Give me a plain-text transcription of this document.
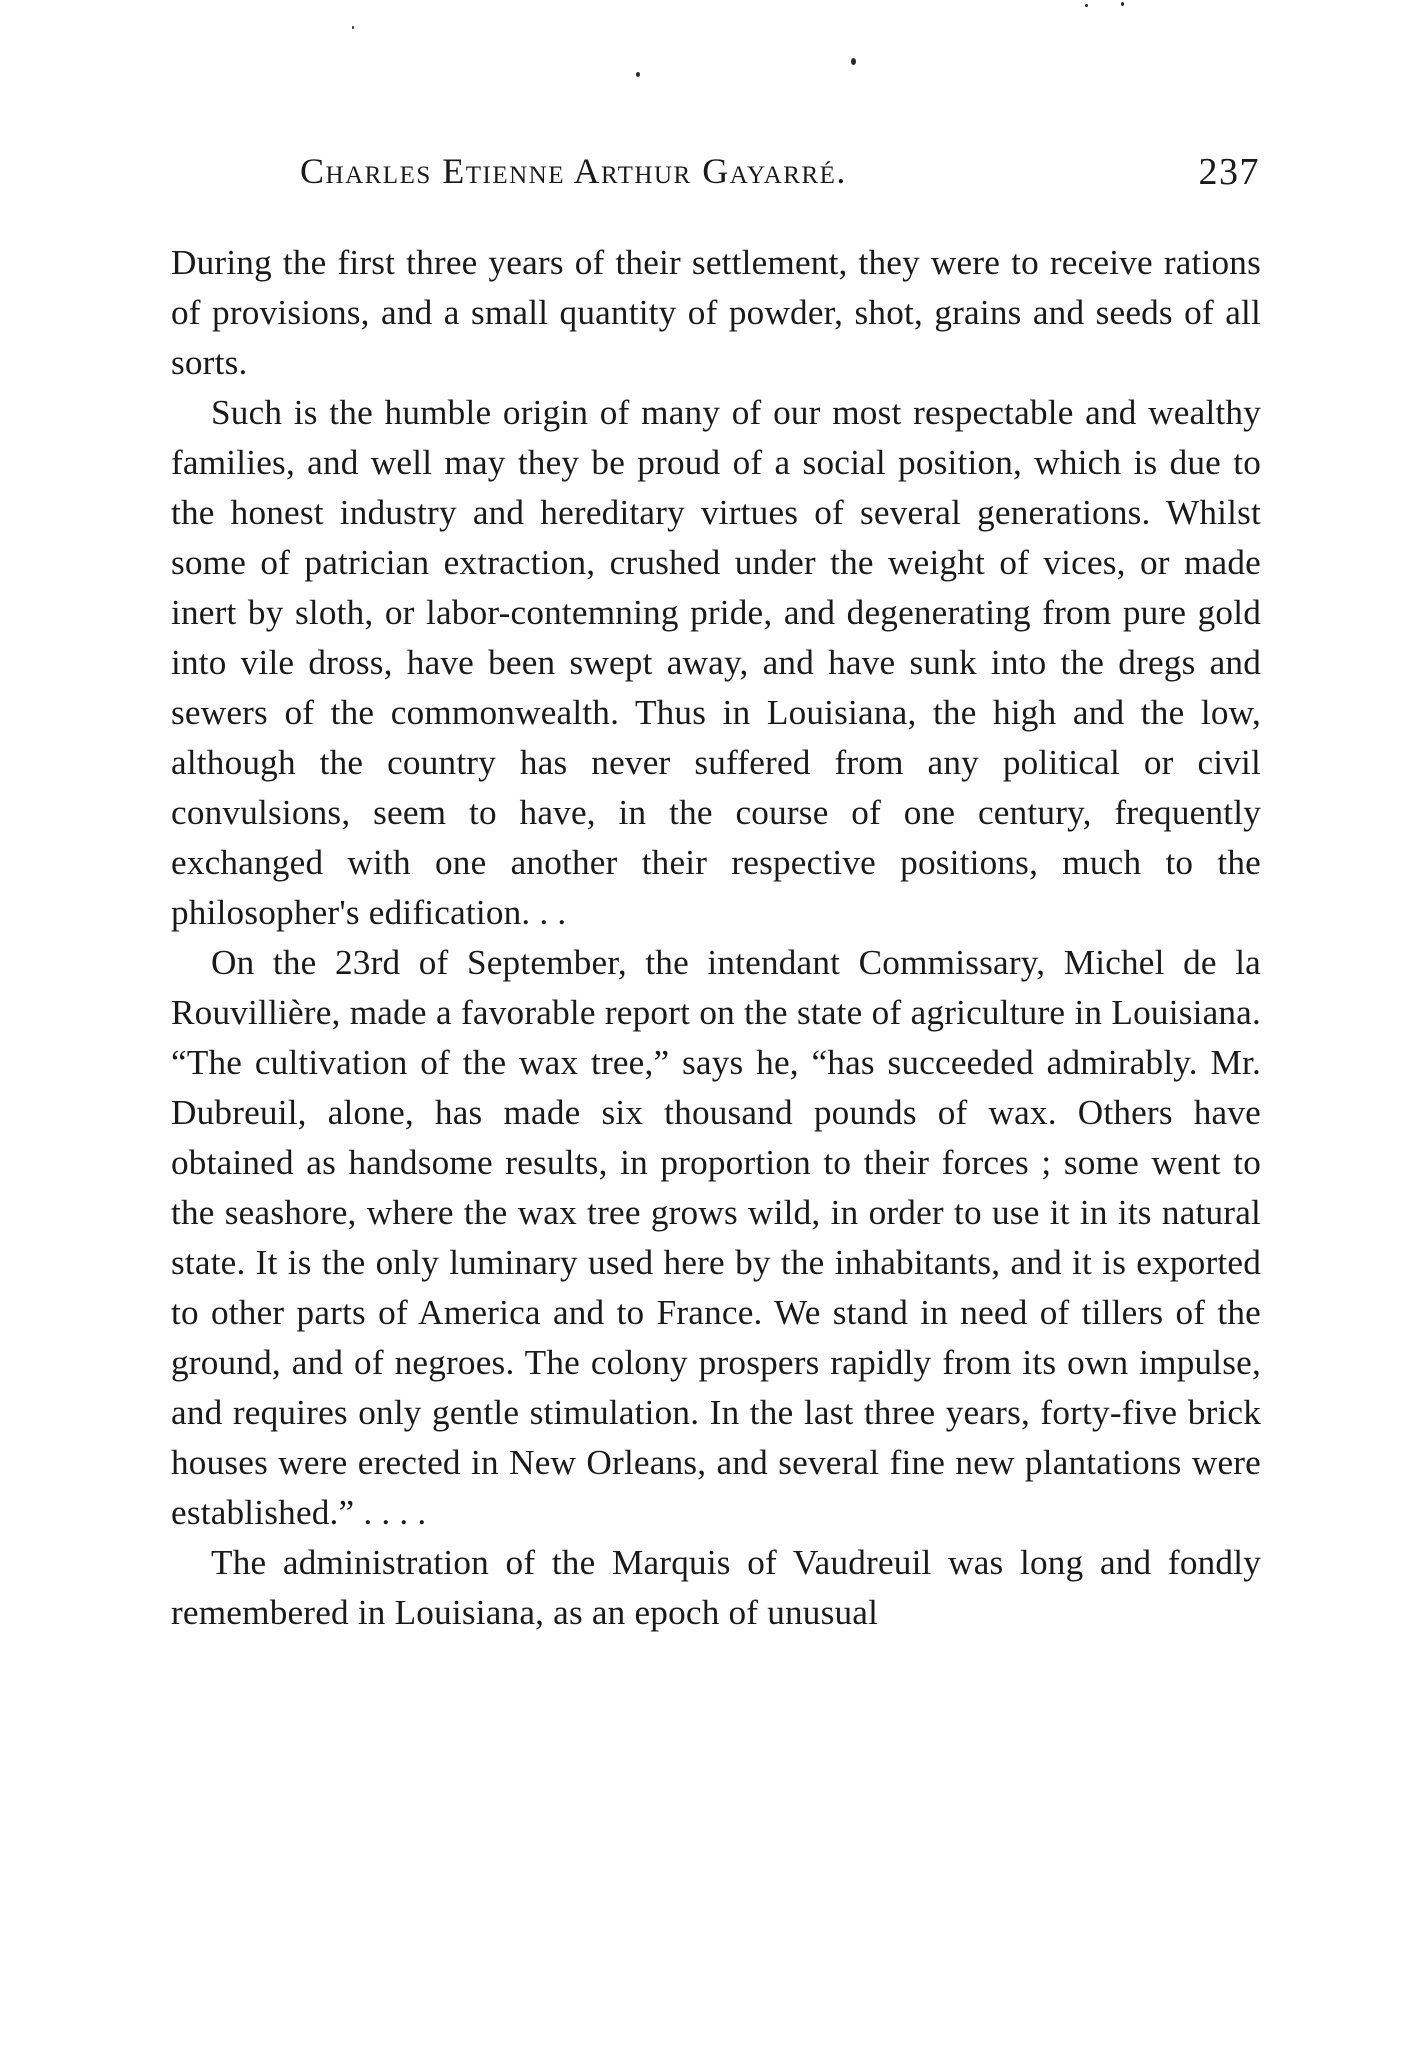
Charles Etienne Arthur Gayarré.	237

During the first three years of their settlement, they were to receive rations of provisions, and a small quantity of powder, shot, grains and seeds of all sorts.

Such is the humble origin of many of our most respectable and wealthy families, and well may they be proud of a social position, which is due to the honest industry and hereditary virtues of several generations. Whilst some of patrician extraction, crushed under the weight of vices, or made inert by sloth, or labor-contemning pride, and degenerating from pure gold into vile dross, have been swept away, and have sunk into the dregs and sewers of the commonwealth. Thus in Louisiana, the high and the low, although the country has never suffered from any political or civil convulsions, seem to have, in the course of one century, frequently exchanged with one another their respective positions, much to the philosopher's edification. . .

On the 23rd of September, the intendant Commissary, Michel de la Rouvillière, made a favorable report on the state of agriculture in Louisiana. “The cultivation of the wax tree,” says he, “has succeeded admirably. Mr. Dubreuil, alone, has made six thousand pounds of wax. Others have obtained as handsome results, in proportion to their forces ; some went to the seashore, where the wax tree grows wild, in order to use it in its natural state. It is the only luminary used here by the inhabitants, and it is exported to other parts of America and to France. We stand in need of tillers of the ground, and of negroes. The colony prospers rapidly from its own impulse, and requires only gentle stimulation. In the last three years, forty-five brick houses were erected in New Orleans, and several fine new plantations were established.” . . . .

The administration of the Marquis of Vaudreuil was long and fondly remembered in Louisiana, as an epoch of unusual
